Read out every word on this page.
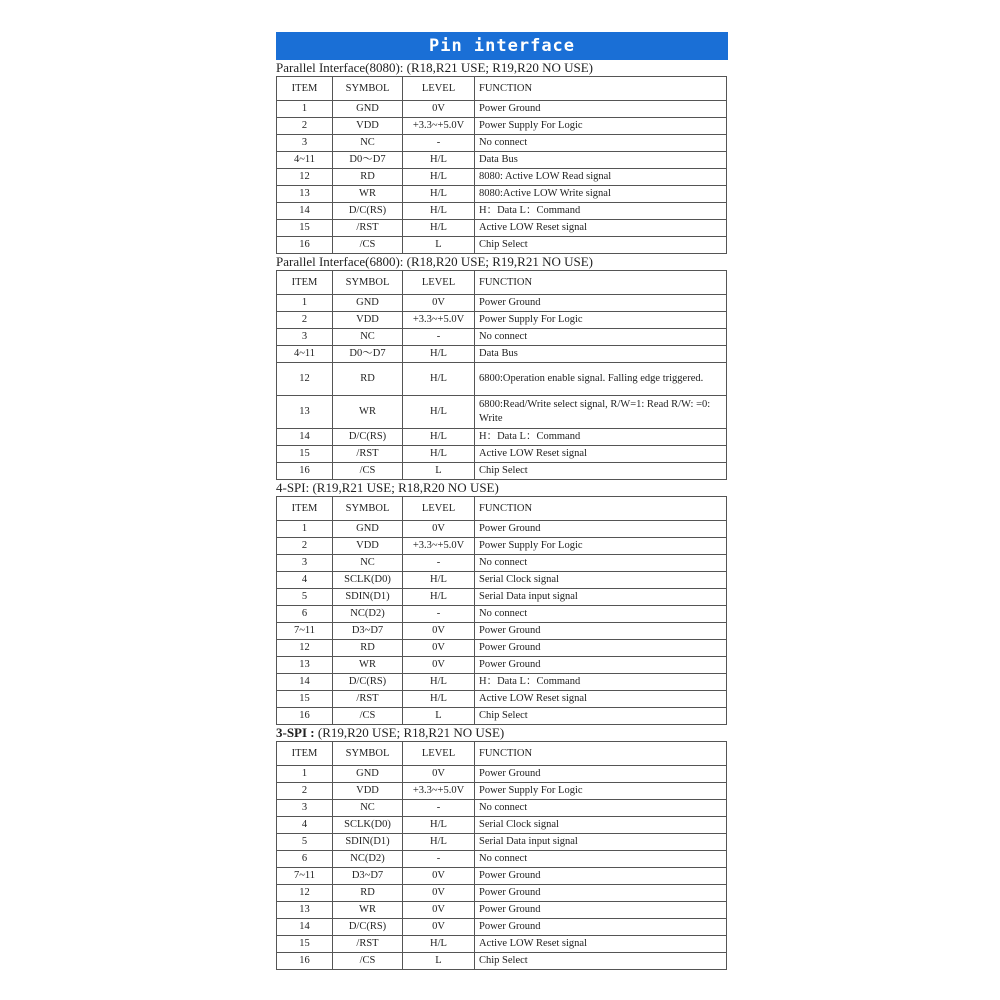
Pin interface
Parallel Interface(8080): (R18,R21 USE; R19,R20 NO USE)
ITEM	SYMBOL	LEVEL	FUNCTION
1	GND	0V	Power Ground
2	VDD	+3.3~+5.0V	Power Supply For Logic
3	NC	-	No connect
4~11	D0～D7	H/L	Data Bus
12	RD	H/L	8080: Active LOW Read signal
13	WR	H/L	8080:Active LOW Write signal
14	D/C(RS)	H/L	H：Data L：Command
15	/RST	H/L	Active LOW Reset signal
16	/CS	L	Chip Select
Parallel Interface(6800): (R18,R20 USE; R19,R21 NO USE)
ITEM	SYMBOL	LEVEL	FUNCTION
1	GND	0V	Power Ground
2	VDD	+3.3~+5.0V	Power Supply For Logic
3	NC	-	No connect
4~11	D0～D7	H/L	Data Bus
12	RD	H/L	6800:Operation enable signal. Falling edge triggered.
13	WR	H/L	6800:Read/Write select signal, R/W=1: Read R/W: =0: Write
14	D/C(RS)	H/L	H：Data L：Command
15	/RST	H/L	Active LOW Reset signal
16	/CS	L	Chip Select
4-SPI: (R19,R21 USE; R18,R20 NO USE)
ITEM	SYMBOL	LEVEL	FUNCTION
1	GND	0V	Power Ground
2	VDD	+3.3~+5.0V	Power Supply For Logic
3	NC	-	No connect
4	SCLK(D0)	H/L	Serial Clock signal
5	SDIN(D1)	H/L	Serial Data input signal
6	NC(D2)	-	No connect
7~11	D3~D7	0V	Power Ground
12	RD	0V	Power Ground
13	WR	0V	Power Ground
14	D/C(RS)	H/L	H：Data L：Command
15	/RST	H/L	Active LOW Reset signal
16	/CS	L	Chip Select
3-SPI : (R19,R20 USE; R18,R21 NO USE)
ITEM	SYMBOL	LEVEL	FUNCTION
1	GND	0V	Power Ground
2	VDD	+3.3~+5.0V	Power Supply For Logic
3	NC	-	No connect
4	SCLK(D0)	H/L	Serial Clock signal
5	SDIN(D1)	H/L	Serial Data input signal
6	NC(D2)	-	No connect
7~11	D3~D7	0V	Power Ground
12	RD	0V	Power Ground
13	WR	0V	Power Ground
14	D/C(RS)	0V	Power Ground
15	/RST	H/L	Active LOW Reset signal
16	/CS	L	Chip Select
